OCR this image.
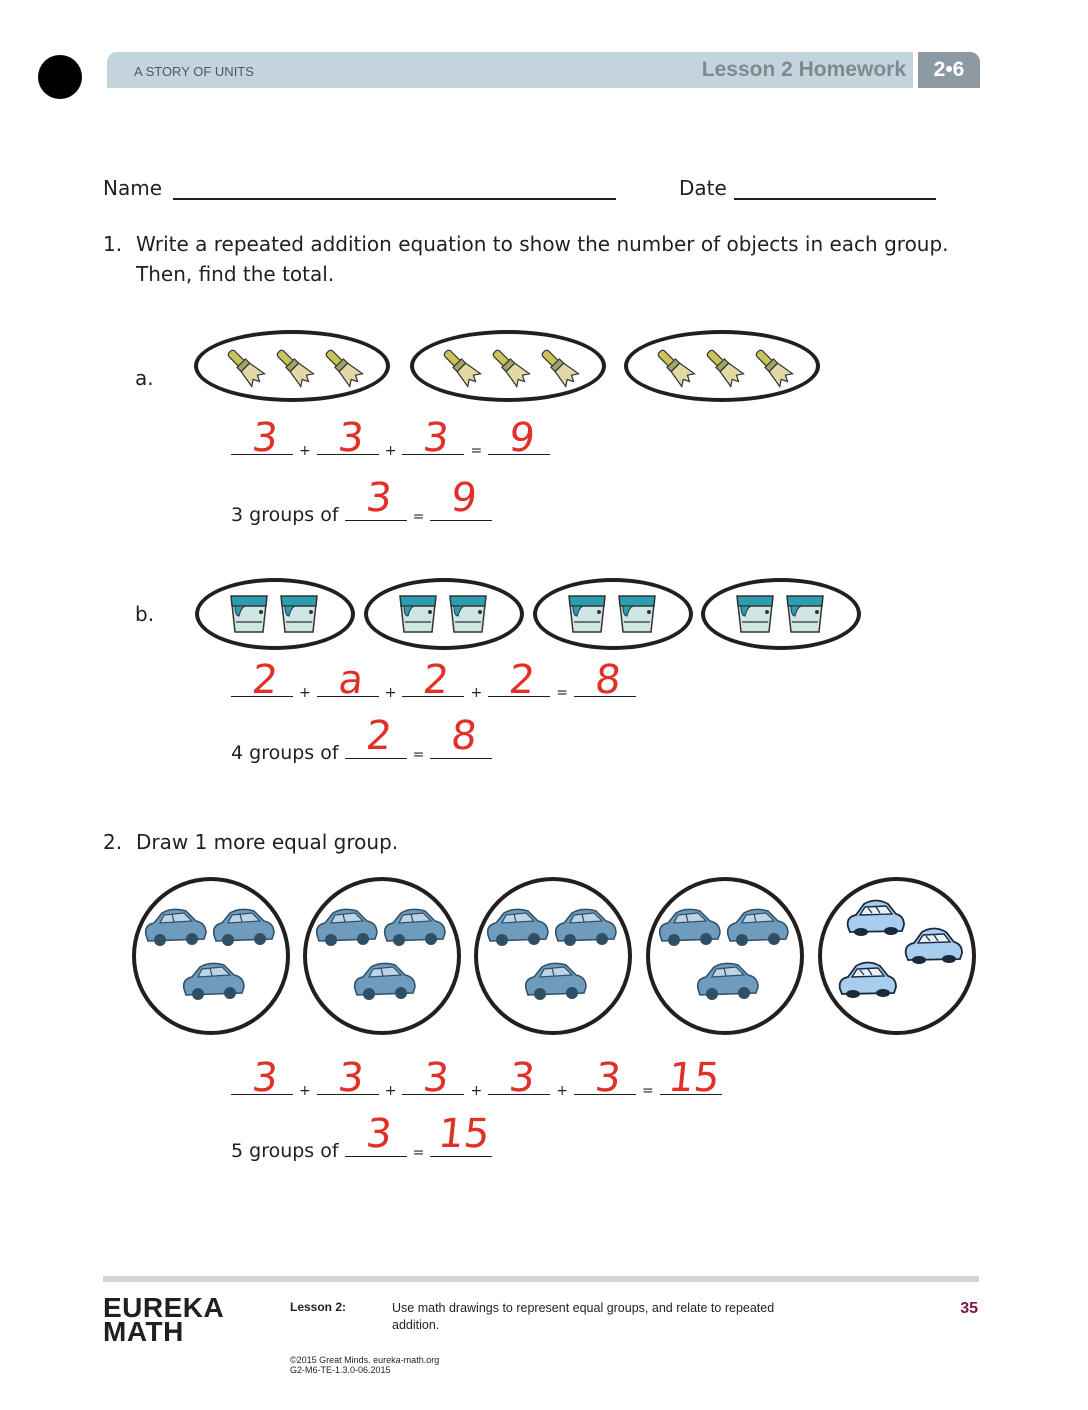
A STORY OF UNITS	Lesson 2 Homework	2•6
Name	Date
1. Write a repeated addition equation to show the number of objects in each group.
Then, find the total.
a.
3	+ 3	+ 3	= 9
3 groups of 3	= 9
b.
2	+ a	+ 2	+ 2	= 8
4 groups of 2	= 8
2. Draw 1 more equal group.
3	+ 3	+ 3	+ 3	+ 3	= 15
5 groups of 3	= 15
EUREKA
MATH
Lesson 2:	Use math drawings to represent equal groups, and relate to repeated addition.
35
©2015 Great Minds. eureka-math.org
G2-M6-TE-1.3.0-06.2015
